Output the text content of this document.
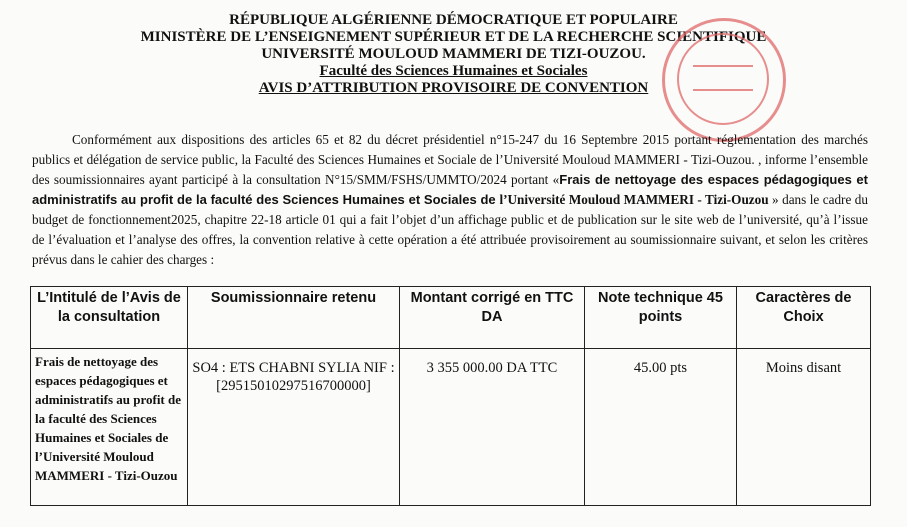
RÉPUBLIQUE ALGÉRIENNE DÉMOCRATIQUE ET POPULAIRE
MINISTÈRE DE L’ENSEIGNEMENT SUPÉRIEUR ET DE LA RECHERCHE SCIENTIFIQUE
UNIVERSITÉ MOULOUD MAMMERI DE TIZI-OUZOU.
Faculté des Sciences Humaines et Sociales
AVIS D’ATTRIBUTION PROVISOIRE DE CONVENTION
Conformément aux dispositions des articles 65 et 82 du décret présidentiel n°15-247 du 16 Septembre 2015 portant réglementation des marchés publics et délégation de service public, la Faculté des Sciences Humaines et Sociale de l’Université Mouloud MAMMERI - Tizi-Ouzou. , informe l’ensemble des soumissionnaires ayant participé à la consultation N°15/SMM/FSHS/UMMTO/2024 portant «Frais de nettoyage des espaces pédagogiques et administratifs au profit de la faculté des Sciences Humaines et Sociales de l’Université Mouloud MAMMERI - Tizi-Ouzou » dans le cadre du budget de fonctionnement2025, chapitre 22-18 article 01 qui a fait l’objet d’un affichage public et de publication sur le site web de l’université, qu’à l’issue de l’évaluation et l’analyse des offres, la convention relative à cette opération a été attribuée provisoirement au soumissionnaire suivant, et selon les critères prévus dans le cahier des charges :
L’Intitulé de l’Avis de la consultation	Soumissionnaire retenu	Montant corrigé en TTC DA	Note technique 45 points	Caractères de Choix
Frais de nettoyage des espaces pédagogiques et administratifs au profit de la faculté des Sciences Humaines et Sociales de l’Université Mouloud MAMMERI - Tizi-Ouzou	SO4 : ETS CHABNI SYLIA NIF : [29515010297516700000]	3 355 000.00 DA TTC	45.00 pts	Moins disant
